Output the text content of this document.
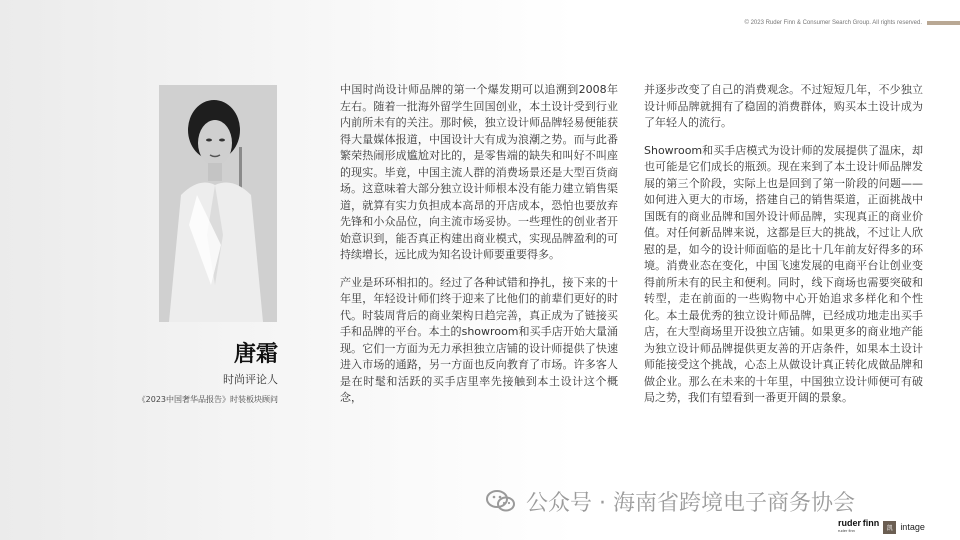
© 2023 Ruder Finn & Consumer Search Group. All rights reserved.
唐霜
时尚评论人
《2023中国奢华品报告》时装板块顾问

中国时尚设计师品牌的第一个爆发期可以追溯到2008年左右。随着一批海外留学生回国创业，本土设计受到行业内前所未有的关注。那时候，独立设计师品牌轻易便能获得大量媒体报道，中国设计大有成为浪潮之势。而与此番繁荣热闹形成尴尬对比的，是零售端的缺失和叫好不叫座的现实。毕竟，中国主流人群的消费场景还是大型百货商场。这意味着大部分独立设计师根本没有能力建立销售渠道，就算有实力负担成本高昂的开店成本，恐怕也要放弃先锋和小众品位，向主流市场妥协。一些理性的创业者开始意识到，能否真正构建出商业模式，实现品牌盈利的可持续增长，远比成为知名设计师要重要得多。

产业是环环相扣的。经过了各种试错和挣扎，接下来的十年里，年轻设计师们终于迎来了比他们的前辈们更好的时代。时装周背后的商业架构日趋完善，真正成为了链接买手和品牌的平台。本土的showroom和买手店开始大量涌现。它们一方面为无力承担独立店铺的设计师提供了快速进入市场的通路，另一方面也反向教育了市场。许多客人是在时髦和活跃的买手店里率先接触到本土设计这个概念，

并逐步改变了自己的消费观念。不过短短几年，不少独立设计师品牌就拥有了稳固的消费群体，购买本土设计成为了年轻人的流行。

Showroom和买手店模式为设计师的发展提供了温床，却也可能是它们成长的瓶颈。现在来到了本土设计师品牌发展的第三个阶段，实际上也是回到了第一阶段的问题——如何进入更大的市场，搭建自己的销售渠道，正面挑战中国既有的商业品牌和国外设计师品牌，实现真正的商业价值。对任何新品牌来说，这都是巨大的挑战，不过让人欣慰的是，如今的设计师面临的是比十几年前友好得多的环境。消费业态在变化，中国飞速发展的电商平台让创业变得前所未有的民主和便利。同时，线下商场也需要突破和转型，走在前面的一些购物中心开始追求多样化和个性化。本土最优秀的独立设计师品牌，已经成功地走出买手店，在大型商场里开设独立店铺。如果更多的商业地产能为独立设计师品牌提供更友善的开店条件，如果本土设计师能接受这个挑战，心态上从做设计真正转化成做品牌和做企业。那么在未来的十年里，中国独立设计师便可有破局之势，我们有望看到一番更开阔的景象。

公众号 · 海南省跨境电子商务协会
ruder finn
ruder finn	凯 intage
